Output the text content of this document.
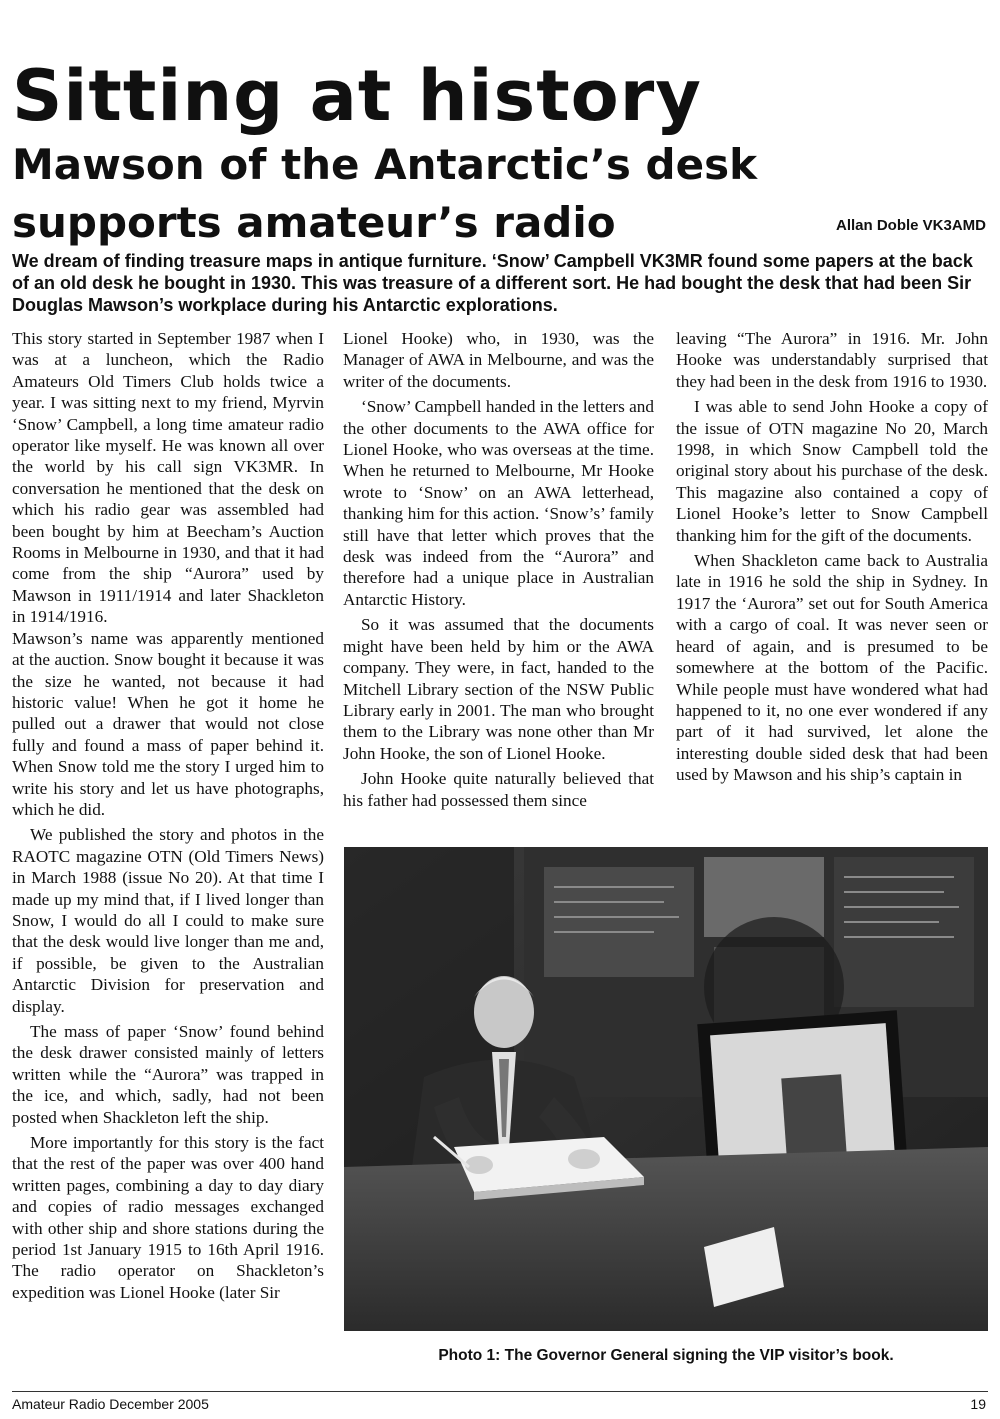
Sitting at history
Mawson of the Antarctic’s desk supports amateur’s radio	Allan Doble VK3AMD

We dream of finding treasure maps in antique furniture. ‘Snow’ Campbell VK3MR found some papers at the back of an old desk he bought in 1930. This was treasure of a different sort. He had bought the desk that had been Sir Douglas Mawson’s workplace during his Antarctic explorations.

This story started in September 1987 when I was at a luncheon, which the Radio Amateurs Old Timers Club holds twice a year. I was sitting next to my friend, Myrvin ‘Snow’ Campbell, a long time amateur radio operator like myself. He was known all over the world by his call sign VK3MR. In conversation he mentioned that the desk on which his radio gear was assembled had been bought by him at Beecham’s Auction Rooms in Melbourne in 1930, and that it had come from the ship “Aurora” used by Mawson in 1911/1914 and later Shackleton in 1914/1916.

Mawson’s name was apparently mentioned at the auction. Snow bought it because it was the size he wanted, not because it had historic value! When he got it home he pulled out a drawer that would not close fully and found a mass of paper behind it. When Snow told me the story I urged him to write his story and let us have photographs, which he did.

We published the story and photos in the RAOTC magazine OTN (Old Timers News) in March 1988 (issue No 20). At that time I made up my mind that, if I lived longer than Snow, I would do all I could to make sure that the desk would live longer than me and, if possible, be given to the Australian Antarctic Division for preservation and display.

The mass of paper ‘Snow’ found behind the desk drawer consisted mainly of letters written while the “Aurora” was trapped in the ice, and which, sadly, had not been posted when Shackleton left the ship.

More importantly for this story is the fact that the rest of the paper was over 400 hand written pages, combining a day to day diary and copies of radio messages exchanged with other ship and shore stations during the period 1st January 1915 to 16th April 1916. The radio operator on Shackleton’s expedition was Lionel Hooke (later Sir

Lionel Hooke) who, in 1930, was the Manager of AWA in Melbourne, and was the writer of the documents.

‘Snow’ Campbell handed in the letters and the other documents to the AWA office for Lionel Hooke, who was overseas at the time. When he returned to Melbourne, Mr Hooke wrote to ‘Snow’ on an AWA letterhead, thanking him for this action. ‘Snow’s’ family still have that letter which proves that the desk was indeed from the “Aurora” and therefore had a unique place in Australian Antarctic History.

So it was assumed that the documents might have been held by him or the AWA company. They were, in fact, handed to the Mitchell Library section of the NSW Public Library early in 2001. The man who brought them to the Library was none other than Mr John Hooke, the son of Lionel Hooke.

John Hooke quite naturally believed that his father had possessed them since

leaving “The Aurora” in 1916. Mr. John Hooke was understandably surprised that they had been in the desk from 1916 to 1930.

I was able to send John Hooke a copy of the issue of OTN magazine No 20, March 1998, in which Snow Campbell told the original story about his purchase of the desk. This magazine also contained a copy of Lionel Hooke’s letter to Snow Campbell thanking him for the gift of the documents.

When Shackleton came back to Australia late in 1916 he sold the ship in Sydney. In 1917 the ‘Aurora” set out for South America with a cargo of coal. It was never seen or heard of again, and is presumed to be somewhere at the bottom of the Pacific. While people must have wondered what had happened to it, no one ever wondered if any part of it had survived, let alone the interesting double sided desk that had been used by Mawson and his ship’s captain in

Photo 1: The Governor General signing the VIP visitor’s book.
Amateur Radio December 2005	19
